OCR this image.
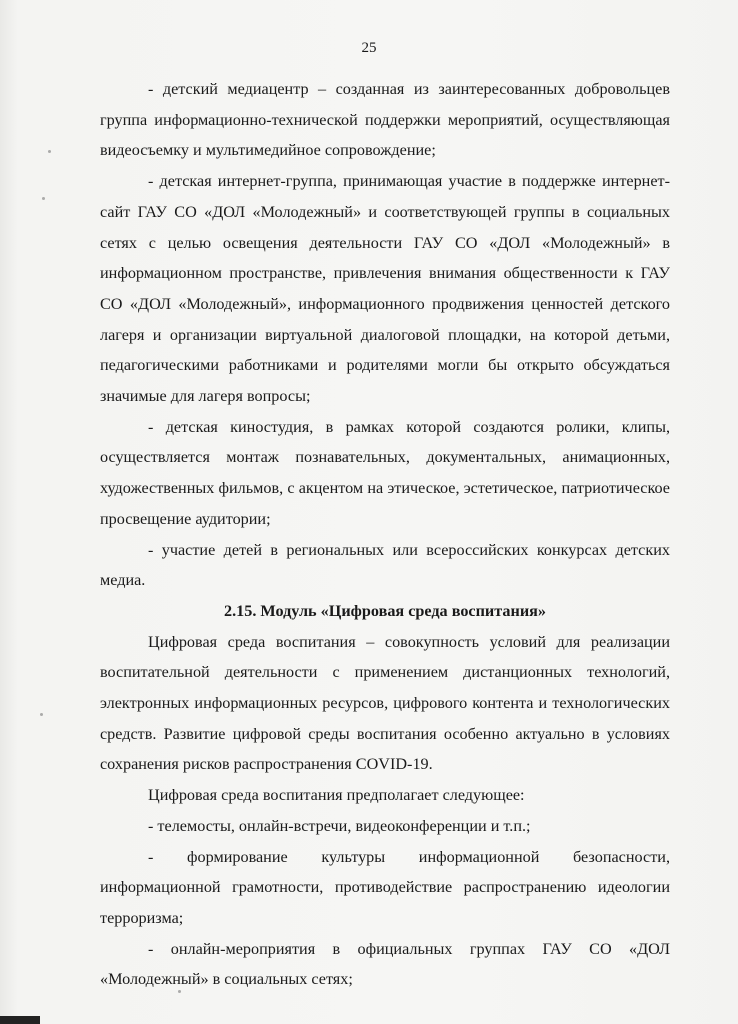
25

- детский медиацентр – созданная из заинтересованных добровольцев группа информационно-технической поддержки мероприятий, осуществляющая видеосъемку и мультимедийное сопровождение;

- детская интернет-группа, принимающая участие в поддержке интернет-сайт ГАУ СО «ДОЛ «Молодежный» и соответствующей группы в социальных сетях с целью освещения деятельности ГАУ СО «ДОЛ «Молодежный» в информационном пространстве, привлечения внимания общественности к ГАУ СО «ДОЛ «Молодежный», информационного продвижения ценностей детского лагеря и организации виртуальной диалоговой площадки, на которой детьми, педагогическими работниками и родителями могли бы открыто обсуждаться значимые для лагеря вопросы;

- детская киностудия, в рамках которой создаются ролики, клипы, осуществляется монтаж познавательных, документальных, анимационных, художественных фильмов, с акцентом на этическое, эстетическое, патриотическое просвещение аудитории;

- участие детей в региональных или всероссийских конкурсах детских медиа.

2.15. Модуль «Цифровая среда воспитания»

Цифровая среда воспитания – совокупность условий для реализации воспитательной деятельности с применением дистанционных технологий, электронных информационных ресурсов, цифрового контента и технологических средств. Развитие цифровой среды воспитания особенно актуально в условиях сохранения рисков распространения COVID-19.

Цифровая среда воспитания предполагает следующее:

- телемосты, онлайн-встречи, видеоконференции и т.п.;

- формирование культуры информационной безопасности, информационной грамотности, противодействие распространению идеологии терроризма;

- онлайн-мероприятия в официальных группах ГАУ СО «ДОЛ «Молодежный» в социальных сетях;
